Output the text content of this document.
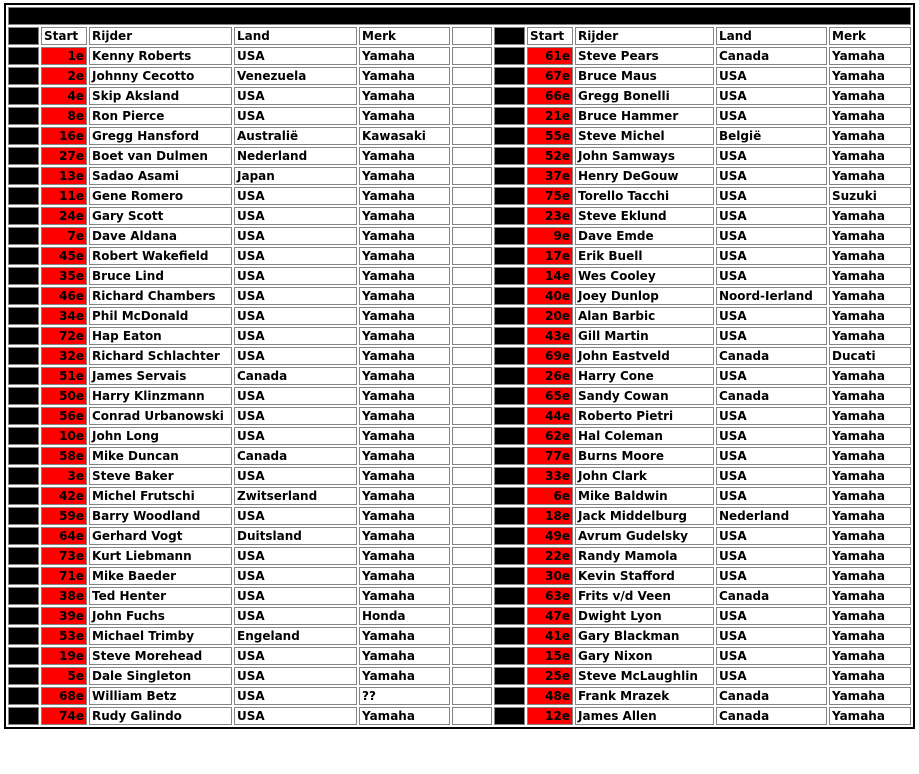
Totaaluitslag en trainingsposities DAYTONA 200 1978										
	Start	Rijder	Land	Merk			Start	Rijder	Land	Merk
1.	1e	Kenny Roberts	USA	Yamaha		35.	61e	Steve Pears	Canada	Yamaha
2.	2e	Johnny Cecotto	Venezuela	Yamaha		36.	67e	Bruce Maus	USA	Yamaha
3.	4e	Skip Aksland	USA	Yamaha		37.	66e	Gregg Bonelli	USA	Yamaha
4.	8e	Ron Pierce	USA	Yamaha		38.	21e	Bruce Hammer	USA	Yamaha
5.	16e	Gregg Hansford	Australië	Kawasaki		39.	55e	Steve Michel	België	Yamaha
6.	27e	Boet van Dulmen	Nederland	Yamaha		40.	52e	John Samways	USA	Yamaha
7.	13e	Sadao Asami	Japan	Yamaha		41.	37e	Henry DeGouw	USA	Yamaha
8.	11e	Gene Romero	USA	Yamaha		42.	75e	Torello Tacchi	USA	Suzuki
9.	24e	Gary Scott	USA	Yamaha		43.	23e	Steve Eklund	USA	Yamaha
10.	7e	Dave Aldana	USA	Yamaha		44.	9e	Dave Emde	USA	Yamaha
11.	45e	Robert Wakefield	USA	Yamaha		45.	17e	Erik Buell	USA	Yamaha
12.	35e	Bruce Lind	USA	Yamaha		46.	14e	Wes Cooley	USA	Yamaha
13.	46e	Richard Chambers	USA	Yamaha		47.	40e	Joey Dunlop	Noord-Ierland	Yamaha
14.	34e	Phil McDonald	USA	Yamaha		48.	20e	Alan Barbic	USA	Yamaha
15.	72e	Hap Eaton	USA	Yamaha		49.	43e	Gill Martin	USA	Yamaha
16.	32e	Richard Schlachter	USA	Yamaha		50.	69e	John Eastveld	Canada	Ducati
17.	51e	James Servais	Canada	Yamaha		51.	26e	Harry Cone	USA	Yamaha
18.	50e	Harry Klinzmann	USA	Yamaha		52.	65e	Sandy Cowan	Canada	Yamaha
19.	56e	Conrad Urbanowski	USA	Yamaha		53.	44e	Roberto Pietri	USA	Yamaha
20.	10e	John Long	USA	Yamaha		54.	62e	Hal Coleman	USA	Yamaha
21.	58e	Mike Duncan	Canada	Yamaha		55.	77e	Burns Moore	USA	Yamaha
22.	3e	Steve Baker	USA	Yamaha		56.	33e	John Clark	USA	Yamaha
23.	42e	Michel Frutschi	Zwitserland	Yamaha		57.	6e	Mike Baldwin	USA	Yamaha
24.	59e	Barry Woodland	USA	Yamaha		58.	18e	Jack Middelburg	Nederland	Yamaha
25.	64e	Gerhard Vogt	Duitsland	Yamaha		59.	49e	Avrum Gudelsky	USA	Yamaha
26.	73e	Kurt Liebmann	USA	Yamaha		60.	22e	Randy Mamola	USA	Yamaha
27.	71e	Mike Baeder	USA	Yamaha		61.	30e	Kevin Stafford	USA	Yamaha
28.	38e	Ted Henter	USA	Yamaha		62.	63e	Frits v/d Veen	Canada	Yamaha
29.	39e	John Fuchs	USA	Honda		63.	47e	Dwight Lyon	USA	Yamaha
30.	53e	Michael Trimby	Engeland	Yamaha		64.	41e	Gary Blackman	USA	Yamaha
31.	19e	Steve Morehead	USA	Yamaha		65.	15e	Gary Nixon	USA	Yamaha
32.	5e	Dale Singleton	USA	Yamaha		66	25e	Steve McLaughlin	USA	Yamaha
33.	68e	William Betz	USA	??		67.	48e	Frank Mrazek	Canada	Yamaha
34.	74e	Rudy Galindo	USA	Yamaha		68.	12e	James Allen	Canada	Yamaha
